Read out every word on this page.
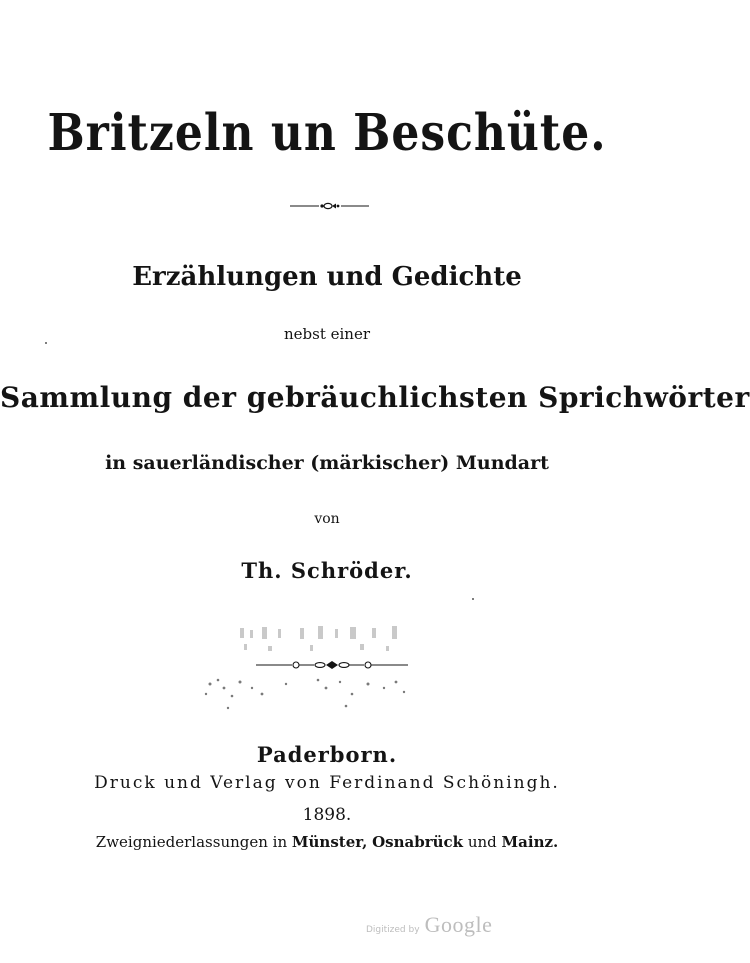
Britzeln un Beschüte.
Erzählungen und Gedichte
nebst einer
Sammlung der gebräuchlichsten Sprichwörter
in sauerländischer (märkischer) Mundart
von
Th. Schröder.
Paderborn.
Druck und Verlag von Ferdinand Schöningh.
1898.
Zweigniederlassungen in Münster, Osnabrück und Mainz.
Digitized by Google
